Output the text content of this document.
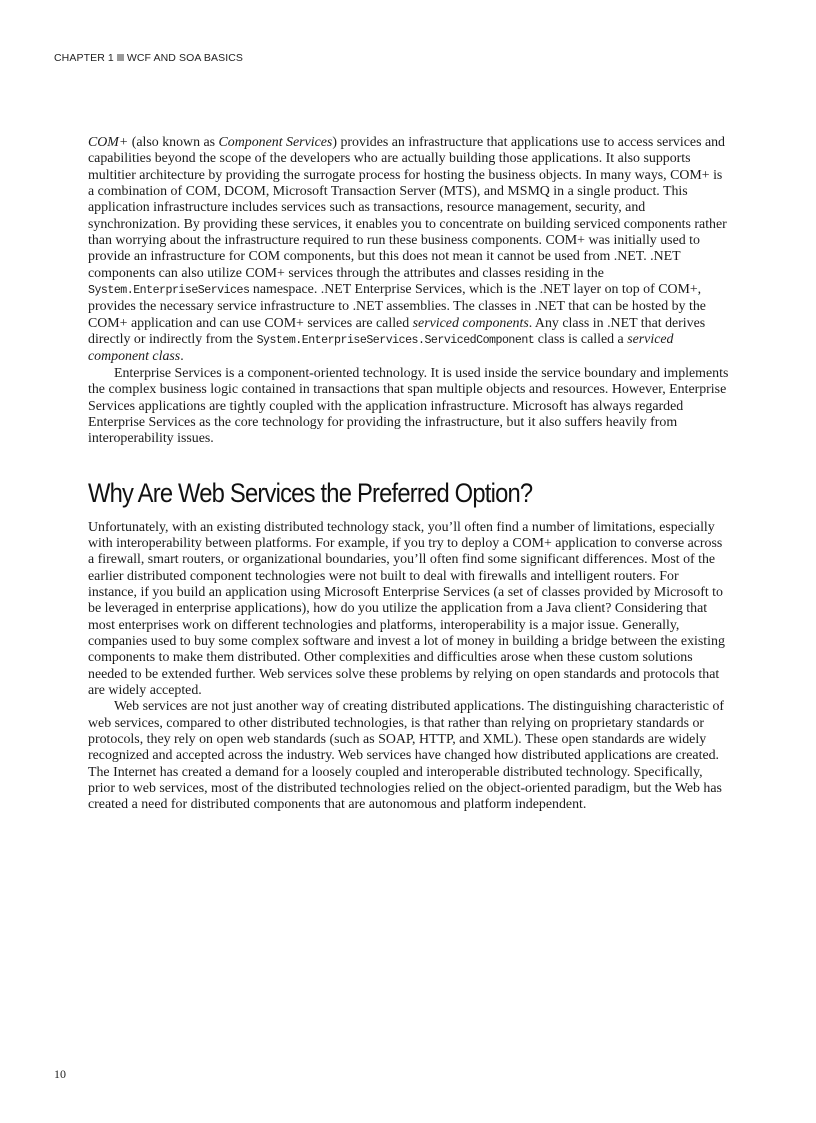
CHAPTER 1 WCF AND SOA BASICS

COM+ (also known as Component Services) provides an infrastructure that applications use to access services and capabilities beyond the scope of the developers who are actually building those applications. It also supports multitier architecture by providing the surrogate process for hosting the business objects. In many ways, COM+ is a combination of COM, DCOM, Microsoft Transaction Server (MTS), and MSMQ in a single product. This application infrastructure includes services such as transactions, resource management, security, and synchronization. By providing these services, it enables you to concentrate on building serviced components rather than worrying about the infrastructure required to run these business components. COM+ was initially used to provide an infrastructure for COM components, but this does not mean it cannot be used from .NET. .NET components can also utilize COM+ services through the attributes and classes residing in the System.EnterpriseServices namespace. .NET Enterprise Services, which is the .NET layer on top of COM+, provides the necessary service infrastructure to .NET assemblies. The classes in .NET that can be hosted by the COM+ application and can use COM+ services are called serviced components. Any class in .NET that derives directly or indirectly from the System.EnterpriseServices.ServicedComponent class is called a serviced component class.

Enterprise Services is a component-oriented technology. It is used inside the service boundary and implements the complex business logic contained in transactions that span multiple objects and resources. However, Enterprise Services applications are tightly coupled with the application infrastructure. Microsoft has always regarded Enterprise Services as the core technology for providing the infrastructure, but it also suffers heavily from interoperability issues.

Why Are Web Services the Preferred Option?

Unfortunately, with an existing distributed technology stack, you’ll often find a number of limitations, especially with interoperability between platforms. For example, if you try to deploy a COM+ application to converse across a firewall, smart routers, or organizational boundaries, you’ll often find some significant differences. Most of the earlier distributed component technologies were not built to deal with firewalls and intelligent routers. For instance, if you build an application using Microsoft Enterprise Services (a set of classes provided by Microsoft to be leveraged in enterprise applications), how do you utilize the application from a Java client? Considering that most enterprises work on different technologies and platforms, interoperability is a major issue. Generally, companies used to buy some complex software and invest a lot of money in building a bridge between the existing components to make them distributed. Other complexities and difficulties arose when these custom solutions needed to be extended further. Web services solve these problems by relying on open standards and protocols that are widely accepted.

Web services are not just another way of creating distributed applications. The distinguishing characteristic of web services, compared to other distributed technologies, is that rather than relying on proprietary standards or protocols, they rely on open web standards (such as SOAP, HTTP, and XML). These open standards are widely recognized and accepted across the industry. Web services have changed how distributed applications are created. The Internet has created a demand for a loosely coupled and interoperable distributed technology. Specifically, prior to web services, most of the distributed technologies relied on the object-oriented paradigm, but the Web has created a need for distributed components that are autonomous and platform independent.

10
